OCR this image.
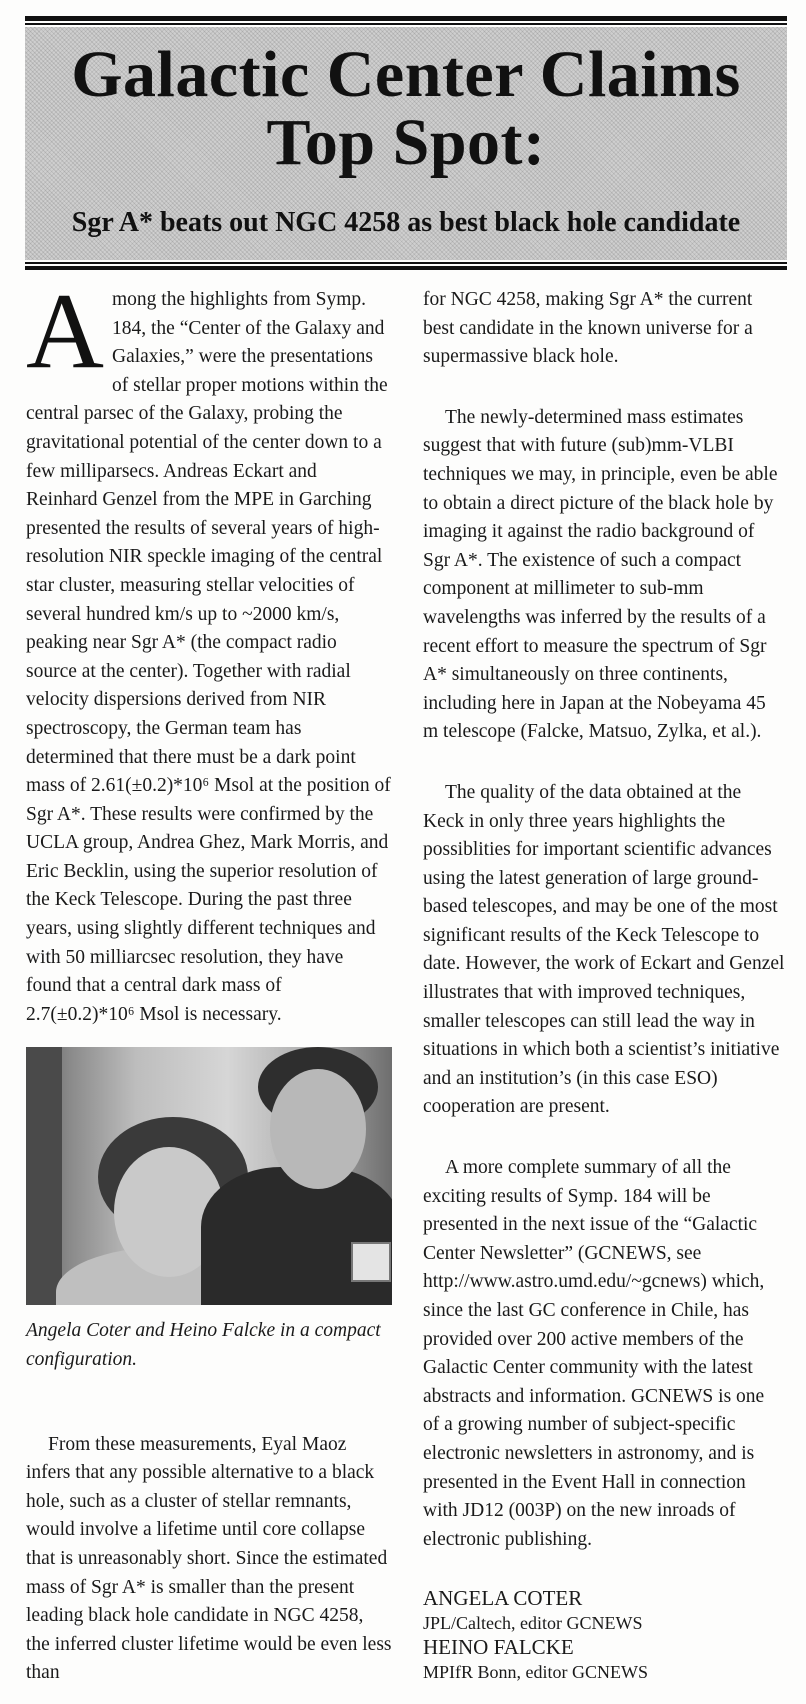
Galactic Center Claims
Top Spot:
Sgr A* beats out NGC 4258 as best black hole candidate

Among the highlights from Symp. 184, the “Center of the Galaxy and Galaxies,” were the presentations of stellar proper motions within the central parsec of the Galaxy, probing the gravitational potential of the center down to a few milliparsecs. Andreas Eckart and Reinhard Genzel from the MPE in Garching presented the results of several years of high-resolution NIR speckle imaging of the central star cluster, measuring stellar velocities of several hundred km/s up to ~2000 km/s, peaking near Sgr A* (the compact radio source at the center). Together with radial velocity dispersions derived from NIR spectroscopy, the German team has determined that there must be a dark point mass of 2.61(±0.2)*10⁶ Msol at the position of Sgr A*. These results were confirmed by the UCLA group, Andrea Ghez, Mark Morris, and Eric Becklin, using the superior resolution of the Keck Telescope. During the past three years, using slightly different techniques and with 50 milliarcsec resolution, they have found that a central dark mass of 2.7(±0.2)*10⁶ Msol is necessary.

Angela Coter and Heino Falcke in a compact configuration.

From these measurements, Eyal Maoz infers that any possible alternative to a black hole, such as a cluster of stellar remnants, would involve a lifetime until core collapse that is unreasonably short. Since the estimated mass of Sgr A* is smaller than the present leading black hole candidate in NGC 4258, the inferred cluster lifetime would be even less than

for NGC 4258, making Sgr A* the current best candidate in the known universe for a supermassive black hole.

The newly-determined mass estimates suggest that with future (sub)mm-VLBI techniques we may, in principle, even be able to obtain a direct picture of the black hole by imaging it against the radio background of Sgr A*. The existence of such a compact component at millimeter to sub-mm wavelengths was inferred by the results of a recent effort to measure the spectrum of Sgr A* simultaneously on three continents, including here in Japan at the Nobeyama 45 m telescope (Falcke, Matsuo, Zylka, et al.).

The quality of the data obtained at the Keck in only three years highlights the possiblities for important scientific advances using the latest generation of large ground-based telescopes, and may be one of the most significant results of the Keck Telescope to date. However, the work of Eckart and Genzel illustrates that with improved techniques, smaller telescopes can still lead the way in situations in which both a scientist’s initiative and an institution’s (in this case ESO) cooperation are present.

A more complete summary of all the exciting results of Symp. 184 will be presented in the next issue of the “Galactic Center Newsletter” (GCNEWS, see http://www.astro.umd.edu/~gcnews) which, since the last GC conference in Chile, has provided over 200 active members of the Galactic Center community with the latest abstracts and information. GCNEWS is one of a growing number of subject-specific electronic newsletters in astronomy, and is presented in the Event Hall in connection with JD12 (003P) on the new inroads of electronic publishing.

ANGELA COTER
JPL/Caltech, editor GCNEWS
HEINO FALCKE
MPIfR Bonn, editor GCNEWS
